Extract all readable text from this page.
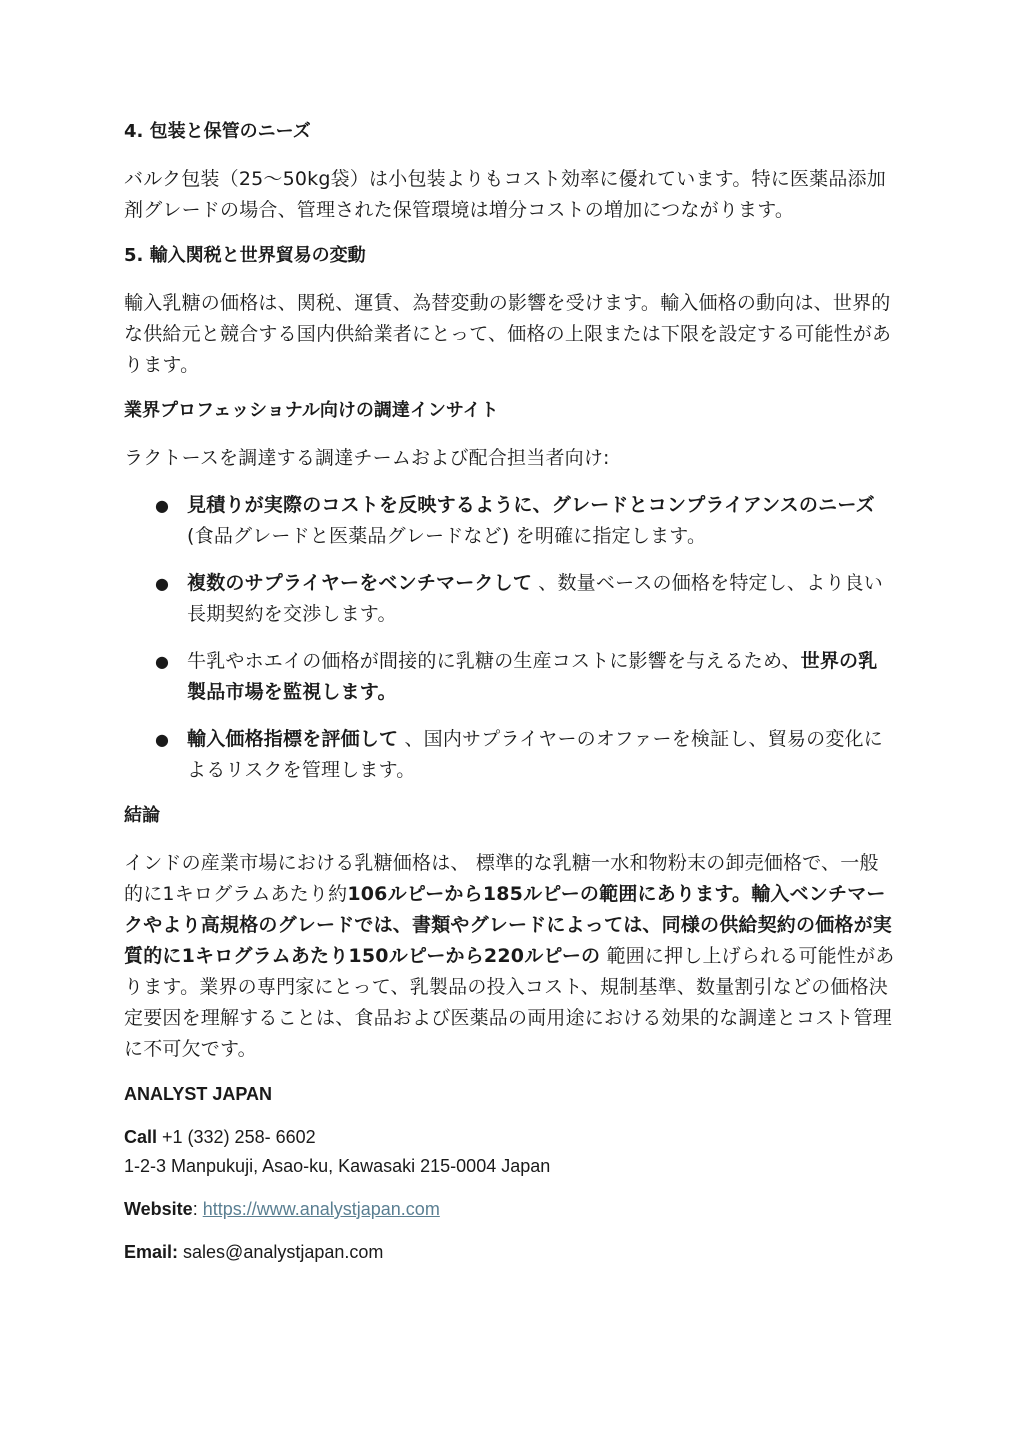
4. 包装と保管のニーズ

バルク包装（25〜50kg袋）は小包装よりもコスト効率に優れています。特に医薬品添加剤グレードの場合、管理された保管環境は増分コストの増加につながります。

5. 輸入関税と世界貿易の変動

輸入乳糖の価格は、関税、運賃、為替変動の影響を受けます。輸入価格の動向は、世界的な供給元と競合する国内供給業者にとって、価格の上限または下限を設定する可能性があります。

業界プロフェッショナル向けの調達インサイト

ラクトースを調達する調達チームおよび配合担当者向け:

● 見積りが実際のコストを反映するように、グレードとコンプライアンスのニーズ (食品グレードと医薬品グレードなど) を明確に指定します。
● 複数のサプライヤーをベンチマークして 、数量ベースの価格を特定し、より良い長期契約を交渉します。
● 牛乳やホエイの価格が間接的に乳糖の生産コストに影響を与えるため、世界の乳製品市場を監視します。
● 輸入価格指標を評価して 、国内サプライヤーのオファーを検証し、貿易の変化によるリスクを管理します。
結論

インドの産業市場における乳糖価格は、 標準的な乳糖一水和物粉末の卸売価格で、一般的に1キログラムあたり約106ルピーから185ルピーの範囲にあります。輸入ベンチマークやより高規格のグレードでは、書類やグレードによっては、同様の供給契約の価格が実質的に1キログラムあたり150ルピーから220ルピーの 範囲に押し上げられる可能性があります。業界の専門家にとって、乳製品の投入コスト、規制基準、数量割引などの価格決定要因を理解することは、食品および医薬品の両用途における効果的な調達とコスト管理に不可欠です。

ANALYST JAPAN

Call +1 (332) 258- 6602

1-2-3 Manpukuji, Asao-ku, Kawasaki 215-0004 Japan

Website: https://www.analystjapan.com

Email: sales@analystjapan.com
